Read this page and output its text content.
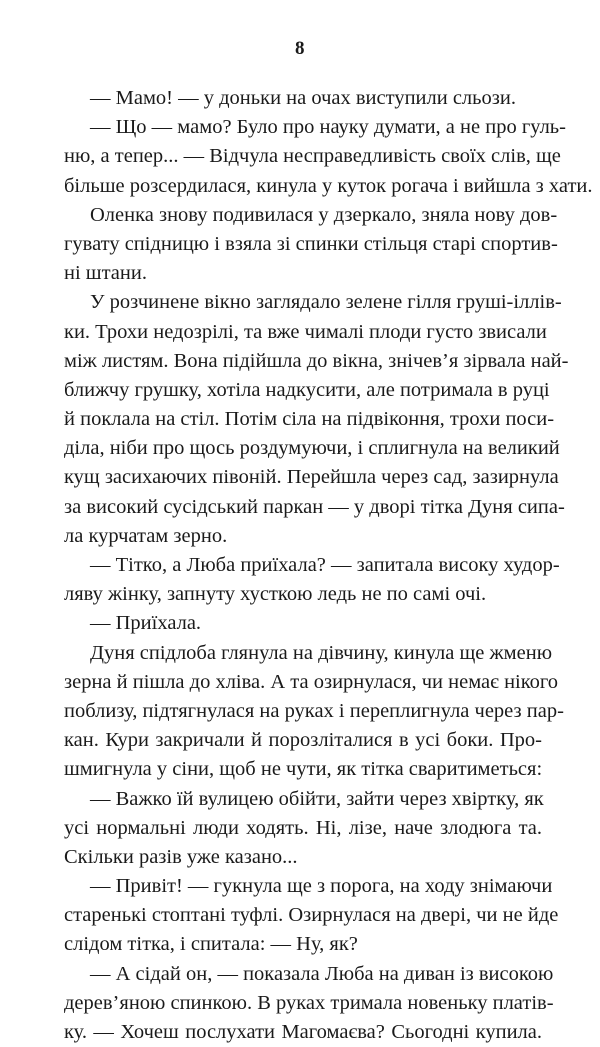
8
— Мамо! — у доньки на очах виступили сльози.
— Що — мамо? Було про науку думати, а не про гуль-
ню, а тепер... — Відчула несправедливість своїх слів, ще
більше розсердилася, кинула у куток рогача і вийшла з хати.
Оленка знову подивилася у дзеркало, зняла нову дов-
гувату спідницю і взяла зі спинки стільця старі спортив-
ні штани.
У розчинене вікно заглядало зелене гілля груші-іллів-
ки. Трохи недозрілі, та вже чималі плоди густо звисали
між листям. Вона підійшла до вікна, знічев’я зірвала най-
ближчу грушку, хотіла надкусити, але потримала в руці
й поклала на стіл. Потім сіла на підвіконня, трохи поси-
діла, ніби про щось роздумуючи, і сплигнула на великий
кущ засихаючих півоній. Перейшла через сад, зазирнула
за високий сусідський паркан — у дворі тітка Дуня сипа-
ла курчатам зерно.
— Тітко, а Люба приїхала? — запитала високу худор-
ляву жінку, запнуту хусткою ледь не по самі очі.
— Приїхала.
Дуня спідлоба глянула на дівчину, кинула ще жменю
зерна й пішла до хліва. А та озирнулася, чи немає нікого
поблизу, підтягнулася на руках і переплигнула через пар-
кан. Кури закричали й порозліталися в усі боки. Про-
шмигнула у сіни, щоб не чути, як тітка сваритиметься:
— Важко їй вулицею обійти, зайти через хвіртку, як
усі нормальні люди ходять. Ні, лізе, наче злодюга та.
Скільки разів уже казано...
— Привіт! — гукнула ще з порога, на ходу знімаючи
старенькі стоптані туфлі. Озирнулася на двері, чи не йде
слідом тітка, і спитала: — Ну, як?
— А сідай он, — показала Люба на диван із високою
дерев’яною спинкою. В руках тримала новеньку платів-
ку. — Хочеш послухати Магомаєва? Сьогодні купила.
